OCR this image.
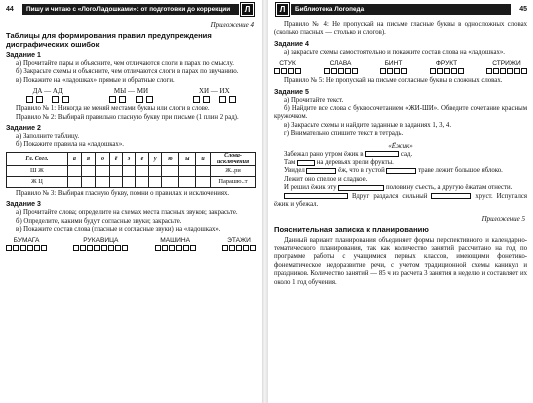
44	Пишу и читаю с «ЛогоЛадошками»: от подготовки до коррекции	Л
Приложение 4
Таблицы для формирования правил предупреждения дисграфических ошибок
Задание 1

а) Прочитайте пары и объясните, чем отличаются слоги в парах по смыслу.

б) Закрасьте схемы и объясните, чем отличаются слоги в парах по звучанию.

в) Покажите на «ладошках» прямые и обратные слоги.

ДА — АД
	МЫ — МИ
	ХИ — ИХ

Правило № 1: Никогда не меняй местами буквы или слоги в слове.

Правило № 2: Выбирай правильно гласную букву при письме (1 плин 2 рад).

Задание 2

а) Заполните таблицу.

б) Покажите правила на «ладошках».

Гл. Согл.	а	я	о	ё	э	е	у	ю	ы	и	Слова-исключения
Ш Ж											Ж..ри
Ж Ц											Парашю..т

Правило № 3: Выбирая гласную букву, помни о правилах и исключениях.

Задание 3

а) Прочитайте слова; определите на схемах места гласных звуков; закрасьте.

б) Определите, какими будут согласные звуки; закрасьте.

в) Покажите состав слова (гласные и согласные звуки) на «ладошках».

БУМАГА	РУКАВИЦА	МАШИНА	ЭТАЖИ
Л	Библиотека Логопеда	45

Правило № 4: Не пропускай на письме гласные буквы в односложных словах (сколько гласных — столько и слогов).

Задание 4

а) закрасьте схемы самостоятельно и покажите состав слова на «ладошках».

СТУК	СЛАВА	БИНТ	ФРУКТ	СТРИЖИ

Правило № 5: Не пропускай на письме согласные буквы в сложных словах.

Задание 5

а) Прочитайте текст.

б) Найдите все слова с буквосочетанием «ЖИ-ШИ». Обведите сочетание красным кружочком.

в) Закрасьте схемы и найдите заданные в заданиях 1, 3, 4.

г) Внимательно спишите текст в тетрадь.

«Ёжик»

Забежал рано утром ёжик в	сад.

Там	на деревьях зрели фрукты.

Увидел	ёж, что в густой	траве лежит большое яблоко.

Лежит оно спелое и сладкое.

И решил ёжик эту	половину съесть, а другую ёжатам отнести.

Вдруг раздался сильный	хруст. Испугался ёжик и убежал.

Приложение 5
Пояснительная записка к планированию

Данный вариант планирования объединяет формы перспективного и календарно-тематического планирования, так как количество занятий рассчитано на год по программе работы с учащимися первых классов, имеющими фонетико-фонематическое недоразвитие речи, с учетом традиционной схемы каникул и праздников. Количество занятий — 85 ч из расчета 3 занятия в неделю и составляет их около 1 год обучения.
